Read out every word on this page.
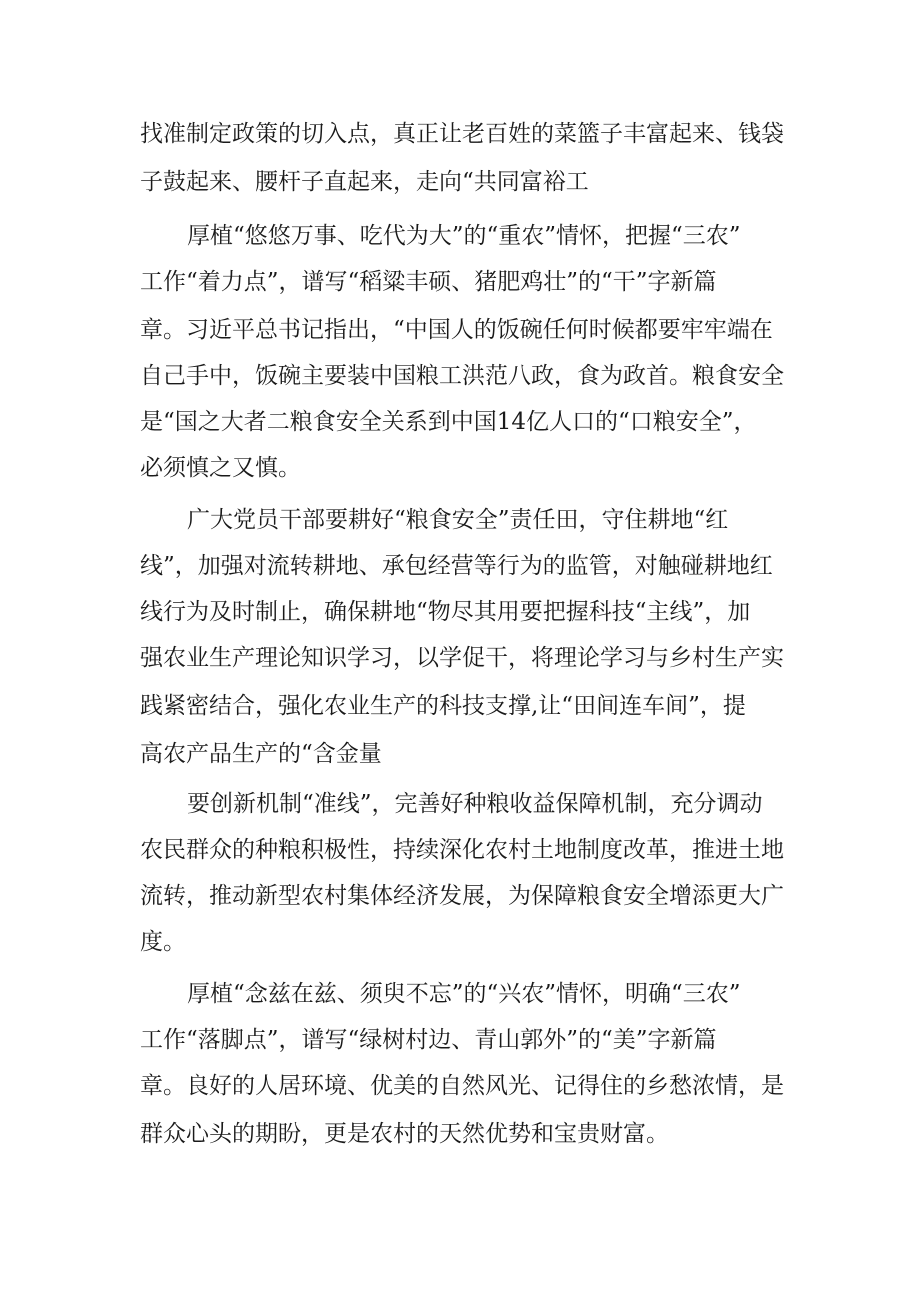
找准制定政策的切入点，真正让老百姓的菜篮子丰富起来、钱袋
子鼓起来、腰杆子直起来，走向“共同富裕工
厚植“悠悠万事、吃代为大”的“重农”情怀，把握“三农”
工作“着力点”，谱写“稻粱丰硕、猪肥鸡壮”的“干”字新篇
章。习近平总书记指出，“中国人的饭碗任何时候都要牢牢端在
自己手中，饭碗主要装中国粮工洪范八政，食为政首。粮食安全
是“国之大者二粮食安全关系到中国14亿人口的“口粮安全”，
必须慎之又慎。
广大党员干部要耕好“粮食安全”责任田，守住耕地“红
线”，加强对流转耕地、承包经营等行为的监管，对触碰耕地红
线行为及时制止，确保耕地“物尽其用要把握科技“主线”，加
强农业生产理论知识学习，以学促干，将理论学习与乡村生产实
践紧密结合，强化农业生产的科技支撑,让“田间连车间”，提
高农产品生产的“含金量
要创新机制“准线”，完善好种粮收益保障机制，充分调动
农民群众的种粮积极性，持续深化农村土地制度改革，推进土地
流转，推动新型农村集体经济发展，为保障粮食安全增添更大广
度。
厚植“念兹在兹、须臾不忘”的“兴农”情怀，明确“三农”
工作“落脚点”，谱写“绿树村边、青山郭外”的“美”字新篇
章。良好的人居环境、优美的自然风光、记得住的乡愁浓情，是
群众心头的期盼，更是农村的天然优势和宝贵财富。
